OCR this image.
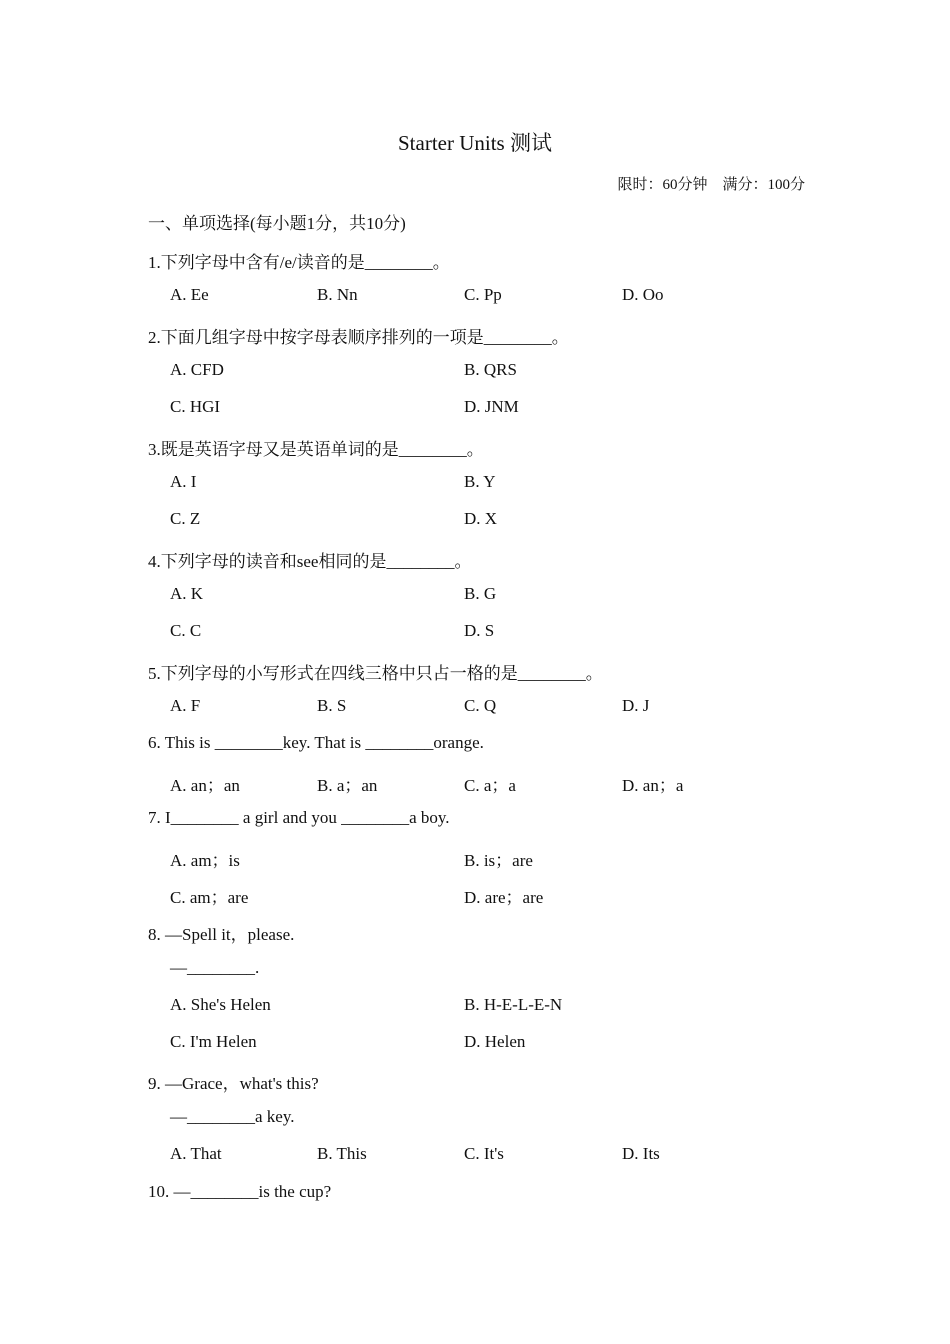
Starter Units 测试
限时：60分钟　满分：100分
一、单项选择(每小题1分，共10分)
1.下列字母中含有/e/读音的是________。
A. Ee	B. Nn	C. Pp	D. Oo
2.下面几组字母中按字母表顺序排列的一项是________。
A. CFD	B. QRS
C. HGI	D. JNM
3.既是英语字母又是英语单词的是________。
A. I	B. Y
C. Z	D. X
4.下列字母的读音和see相同的是________。
A. K	B. G
C. C	D. S
5.下列字母的小写形式在四线三格中只占一格的是________。
A. F	B. S	C. Q	D. J
6. This is ________key. That is ________orange.
A. an；an	B. a；an	C. a；a	D. an；a
7. I________ a girl and you ________a boy.
A. am；is	B. is；are
C. am；are	D. are；are
8. —Spell it，please.
—________.
A. She's Helen	B. H-E-L-E-N
C. I'm Helen	D. Helen
9. —Grace，what's this?
—________a key.
A. That	B. This	C. It's	D. Its
10. —________is the cup?
